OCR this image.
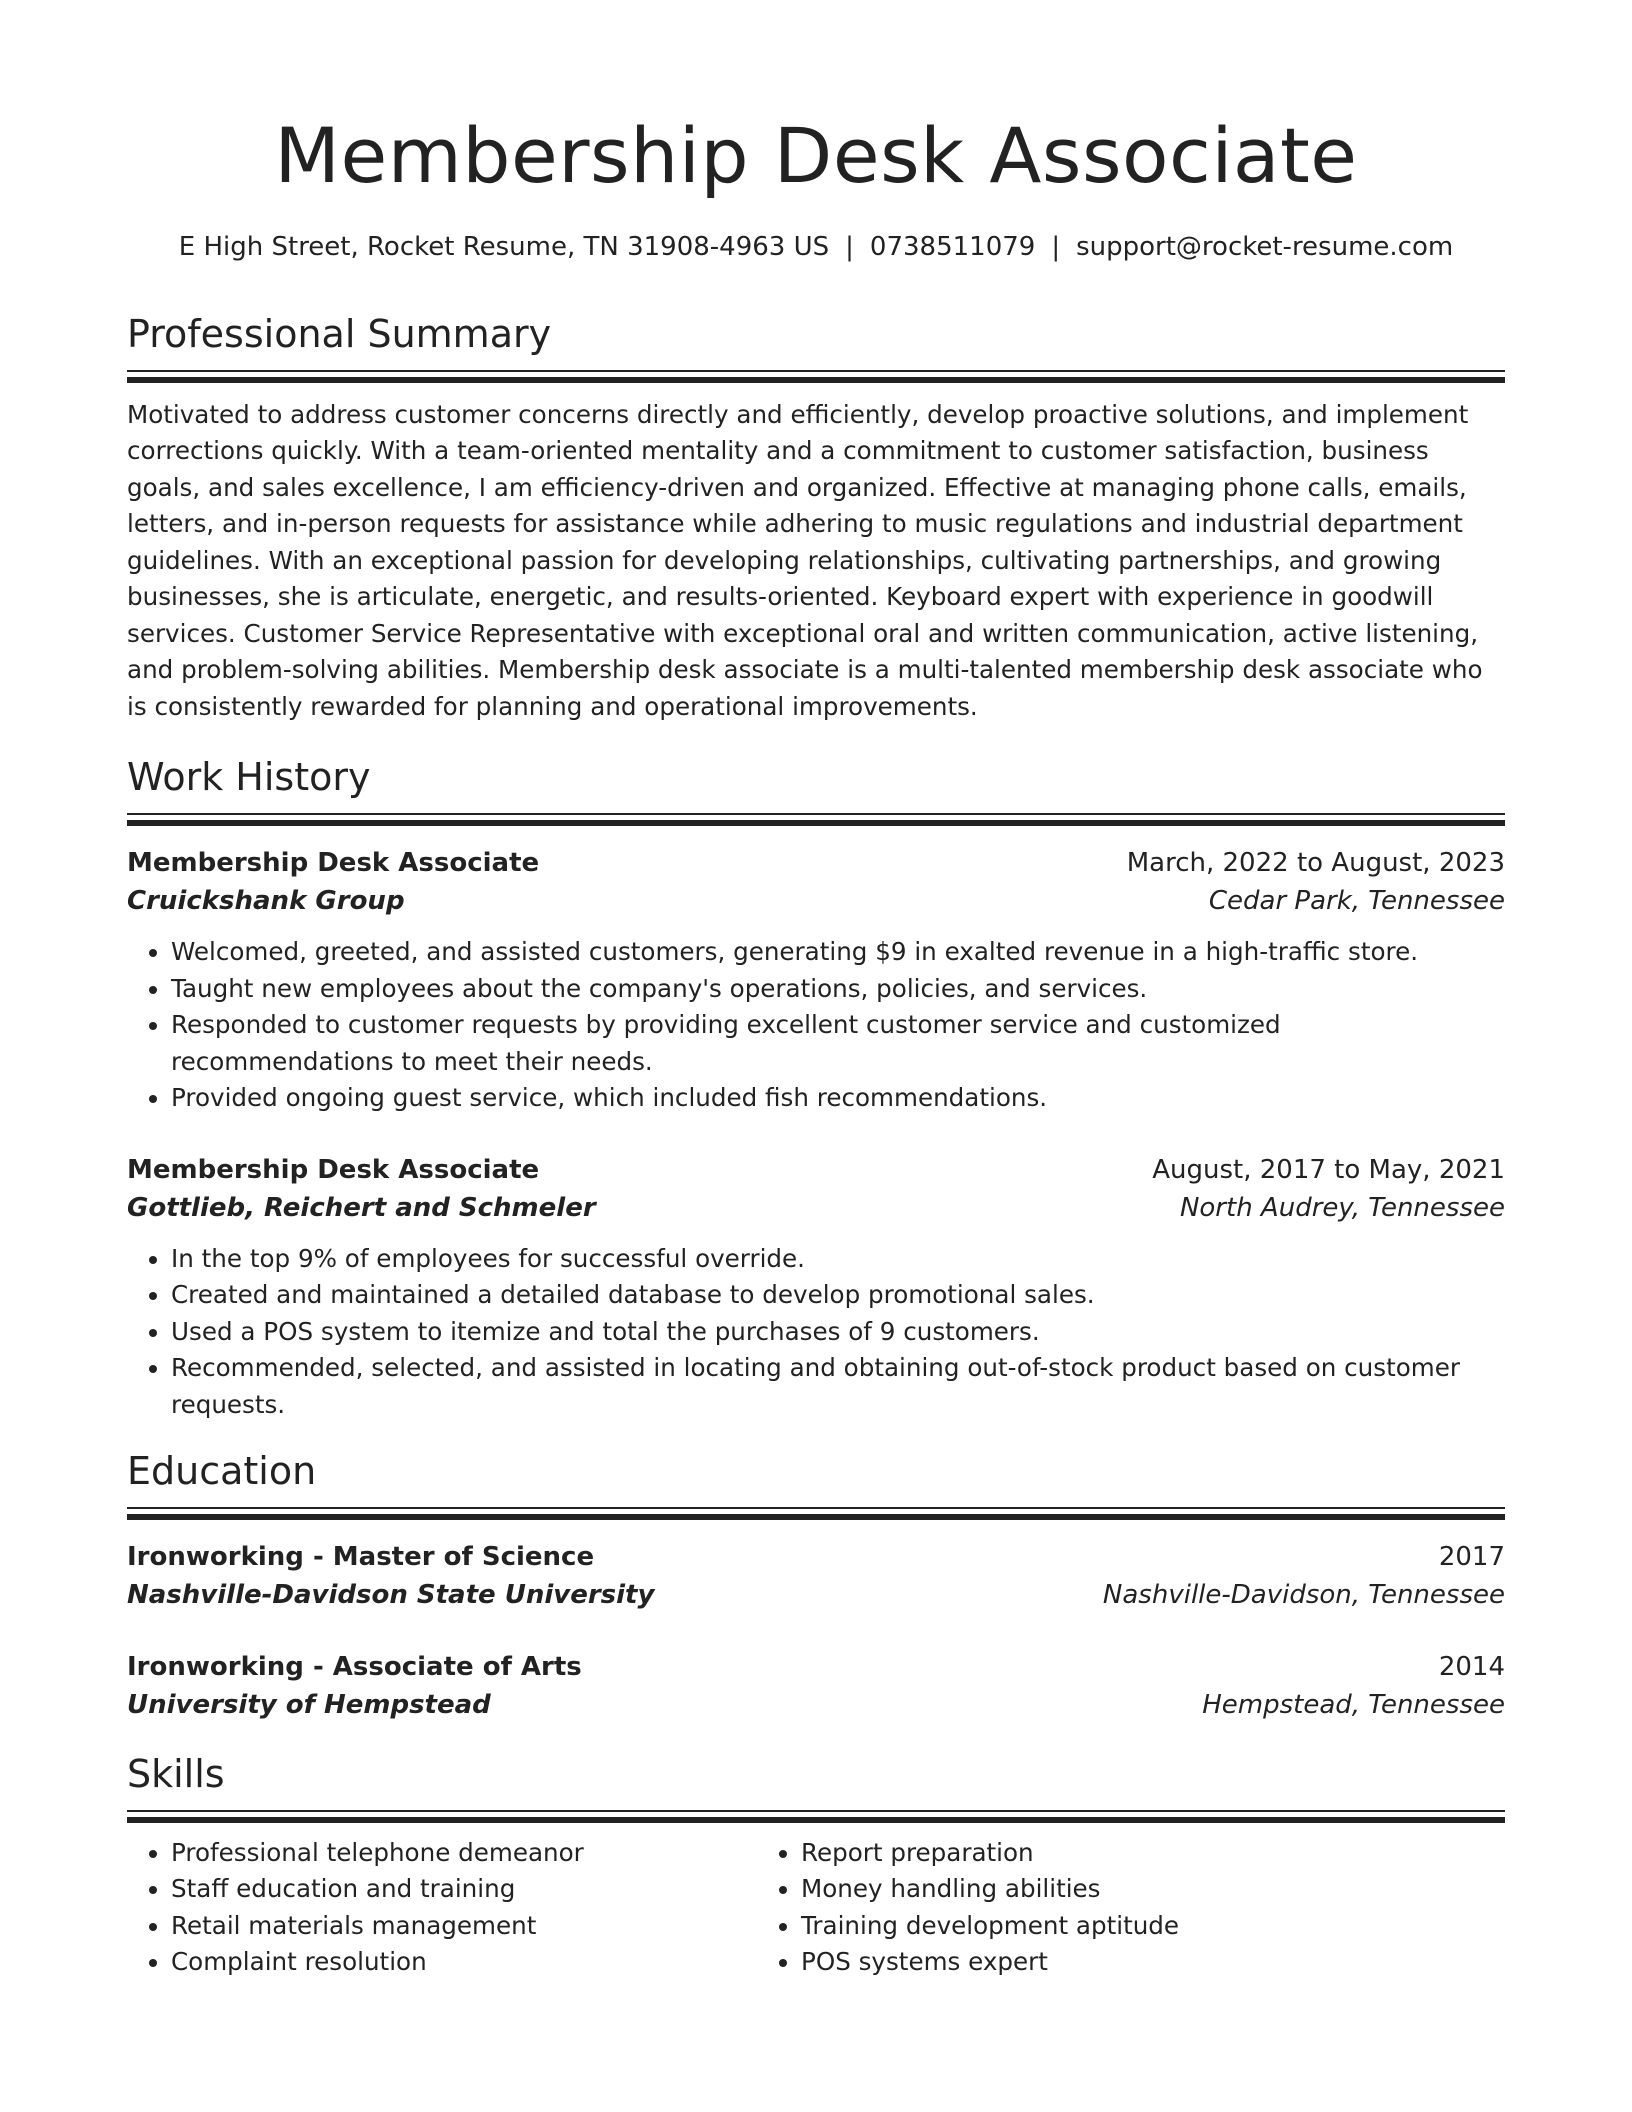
Membership Desk Associate
E High Street, Rocket Resume, TN 31908-4963 US | 0738511079 | support@rocket-resume.com
Professional Summary
Motivated to address customer concerns directly and efficiently, develop proactive solutions, and implement corrections quickly. With a team-oriented mentality and a commitment to customer satisfaction, business goals, and sales excellence, I am efficiency-driven and organized. Effective at managing phone calls, emails, letters, and in-person requests for assistance while adhering to music regulations and industrial department guidelines. With an exceptional passion for developing relationships, cultivating partnerships, and growing businesses, she is articulate, energetic, and results-oriented. Keyboard expert with experience in goodwill services. Customer Service Representative with exceptional oral and written communication, active listening, and problem-solving abilities. Membership desk associate is a multi-talented membership desk associate who is consistently rewarded for planning and operational improvements.
Work History
Membership Desk Associate	March, 2022 to August, 2023
Cruickshank Group	Cedar Park, Tennessee
• Welcomed, greeted, and assisted customers, generating $9 in exalted revenue in a high-traffic store.
• Taught new employees about the company's operations, policies, and services.
• Responded to customer requests by providing excellent customer service and customized recommendations to meet their needs.
• Provided ongoing guest service, which included fish recommendations.
Membership Desk Associate	August, 2017 to May, 2021
Gottlieb, Reichert and Schmeler	North Audrey, Tennessee
• In the top 9% of employees for successful override.
• Created and maintained a detailed database to develop promotional sales.
• Used a POS system to itemize and total the purchases of 9 customers.
• Recommended, selected, and assisted in locating and obtaining out-of-stock product based on customer requests.
Education
Ironworking - Master of Science	2017
Nashville-Davidson State University	Nashville-Davidson, Tennessee
Ironworking - Associate of Arts	2014
University of Hempstead	Hempstead, Tennessee
Skills
• Professional telephone demeanor
• Staff education and training
• Retail materials management
• Complaint resolution
• Report preparation
• Money handling abilities
• Training development aptitude
• POS systems expert
